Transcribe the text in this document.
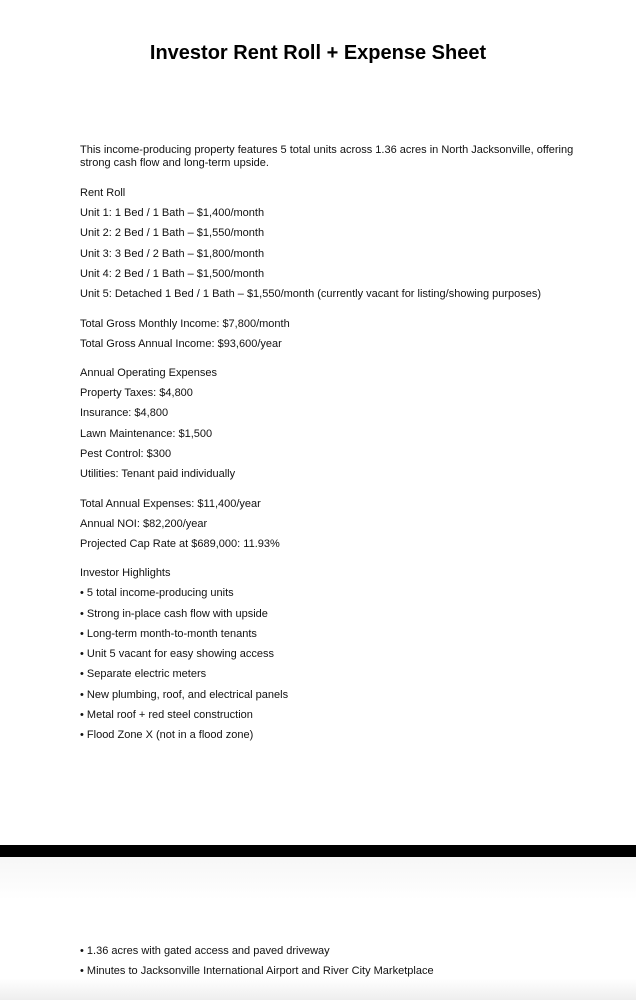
Investor Rent Roll + Expense Sheet

This income-producing property features 5 total units across 1.36 acres in North Jacksonville, offering strong cash flow and long-term upside.

Rent Roll

Unit 1: 1 Bed / 1 Bath – $1,400/month

Unit 2: 2 Bed / 1 Bath – $1,550/month

Unit 3: 3 Bed / 2 Bath – $1,800/month

Unit 4: 2 Bed / 1 Bath – $1,500/month

Unit 5: Detached 1 Bed / 1 Bath – $1,550/month (currently vacant for listing/showing purposes)

Total Gross Monthly Income: $7,800/month

Total Gross Annual Income: $93,600/year

Annual Operating Expenses

Property Taxes: $4,800

Insurance: $4,800

Lawn Maintenance: $1,500

Pest Control: $300

Utilities: Tenant paid individually

Total Annual Expenses: $11,400/year

Annual NOI: $82,200/year

Projected Cap Rate at $689,000: 11.93%

Investor Highlights

• 5 total income-producing units

• Strong in-place cash flow with upside

• Long-term month-to-month tenants

• Unit 5 vacant for easy showing access

• Separate electric meters

• New plumbing, roof, and electrical panels

• Metal roof + red steel construction

• Flood Zone X (not in a flood zone)

• 1.36 acres with gated access and paved driveway

• Minutes to Jacksonville International Airport and River City Marketplace
